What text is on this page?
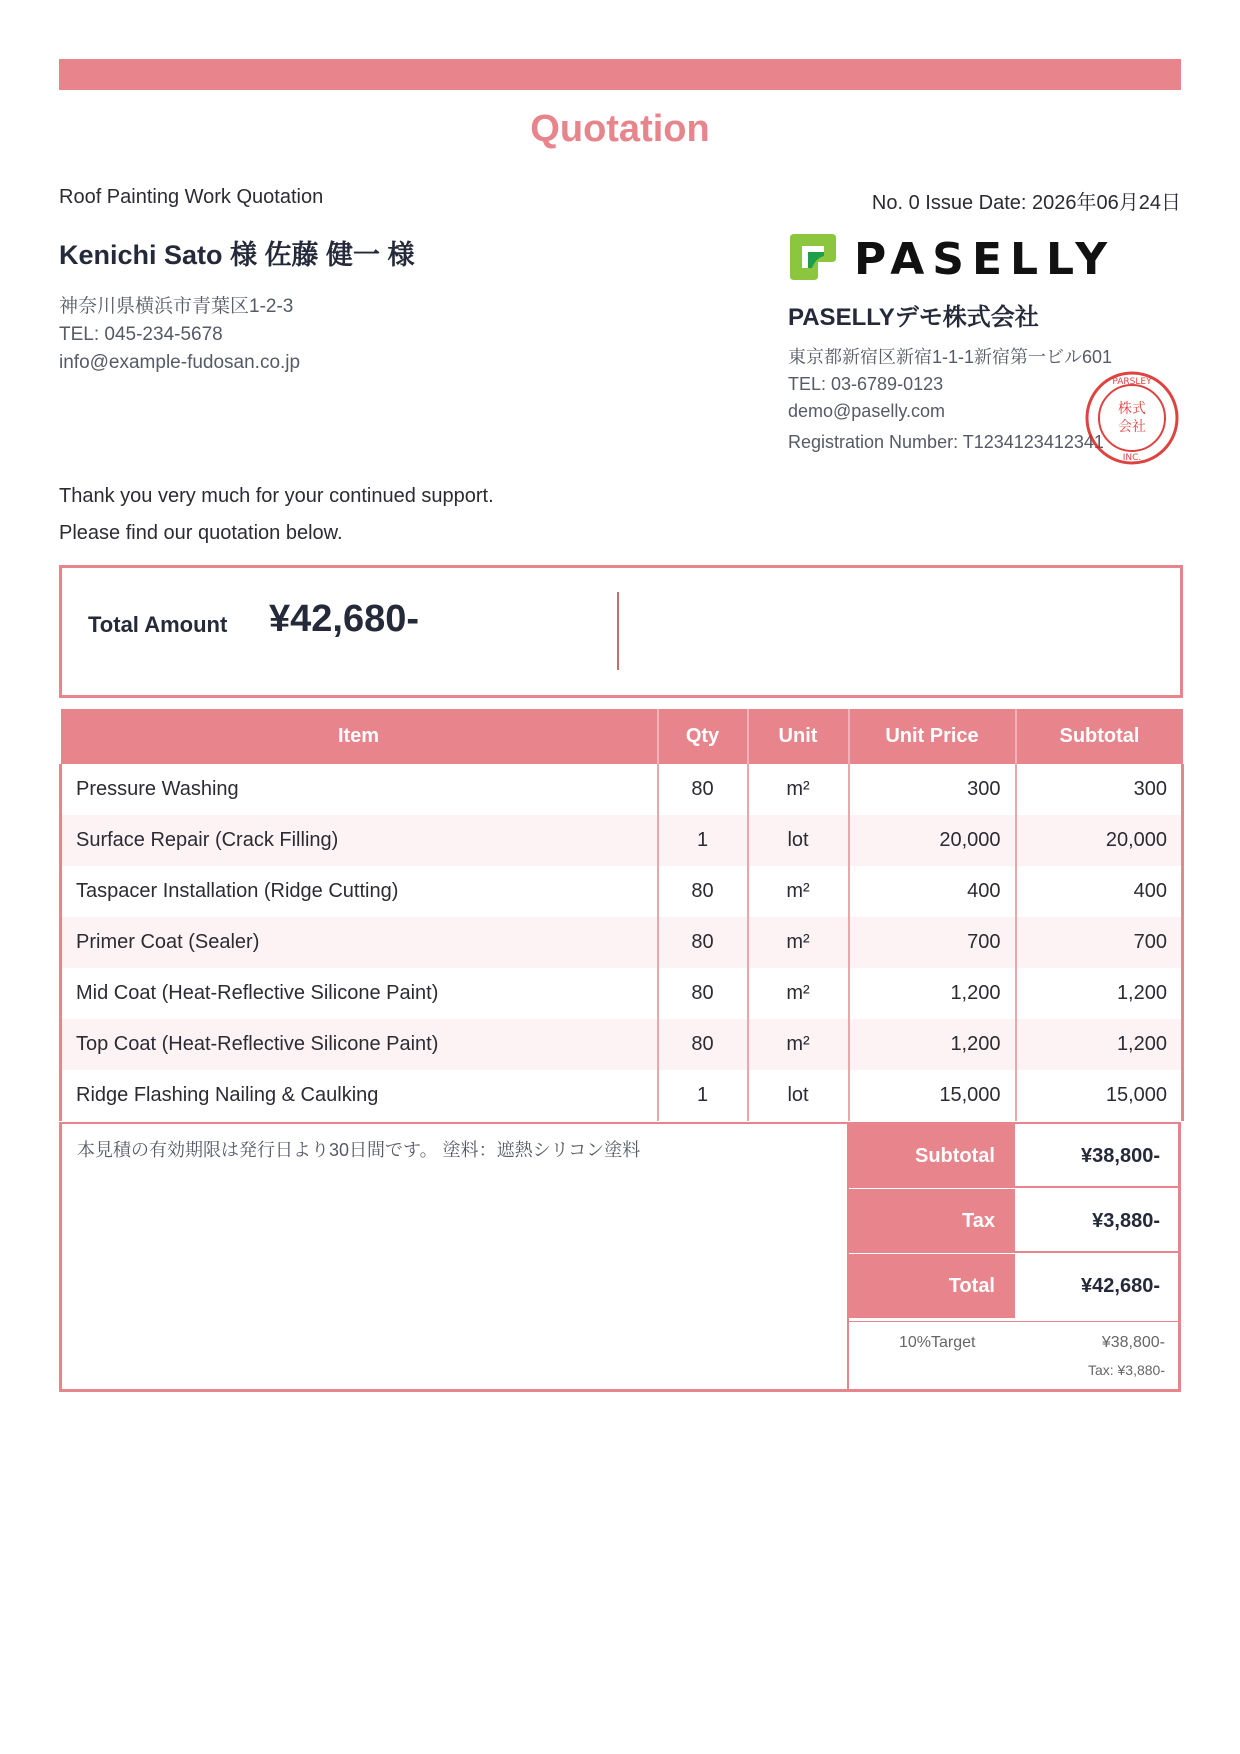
Quotation
Roof Painting Work Quotation	No. 0 Issue Date: 2026年06月24日
Kenichi Sato 様 佐藤 健一 様
神奈川県横浜市青葉区1-2-3
TEL: 045-234-5678
info@example-fudosan.co.jp
PASELLY
PASELLYデモ株式会社
東京都新宿区新宿1-1-1新宿第一ビル601
TEL: 03-6789-0123
demo@paselly.com
Registration Number: T1234123412341
株式
会社
PARSLEY
INC.
Thank you very much for your continued support.
Please find our quotation below.
Total Amount ¥42,680-
Item	Qty	Unit	Unit Price	Subtotal
Pressure Washing	80	m²	300	300
Surface Repair (Crack Filling)	1	lot	20,000	20,000
Taspacer Installation (Ridge Cutting)	80	m²	400	400
Primer Coat (Sealer)	80	m²	700	700
Mid Coat (Heat-Reflective Silicone Paint)	80	m²	1,200	1,200
Top Coat (Heat-Reflective Silicone Paint)	80	m²	1,200	1,200
Ridge Flashing Nailing & Caulking	1	lot	15,000	15,000
本見積の有効期限は発行日より30日間です。 塗料：遮熱シリコン塗料	Subtotal	¥38,800-
Tax	¥3,880-
Total	¥42,680-
10%Target	¥38,800-
Tax: ¥3,880-
